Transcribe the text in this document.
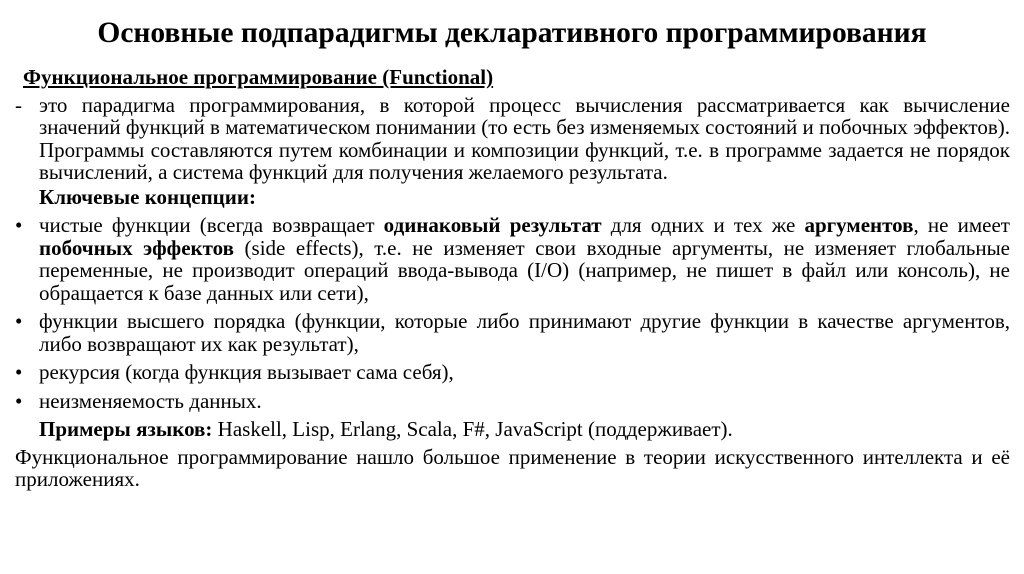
Основные подпарадигмы декларативного программирования
Функциональное программирование (Functional)

- это парадигма программирования, в которой процесс вычисления рассматривается как вычисление значений функций в математическом понимании (то есть без изменяемых состояний и побочных эффектов). Программы составляются путем комбинации и композиции функций, т.е. в программе задается не порядок вычислений, а система функций для получения желаемого результата.

Ключевые концепции:

• чистые функции (всегда возвращает одинаковый результат для одних и тех же аргументов, не имеет побочных эффектов (side effects), т.е. не изменяет свои входные аргументы, не изменяет глобальные переменные, не производит операций ввода-вывода (I/O) (например, не пишет в файл или консоль), не обращается к базе данных или сети),

• функции высшего порядка (функции, которые либо принимают другие функции в качестве аргументов, либо возвращают их как результат),

• рекурсия (когда функция вызывает сама себя),

• неизменяемость данных.

Примеры языков: Haskell, Lisp, Erlang, Scala, F#, JavaScript (поддерживает).

Функциональное программирование нашло большое применение в теории искусственного интеллекта и её приложениях.
